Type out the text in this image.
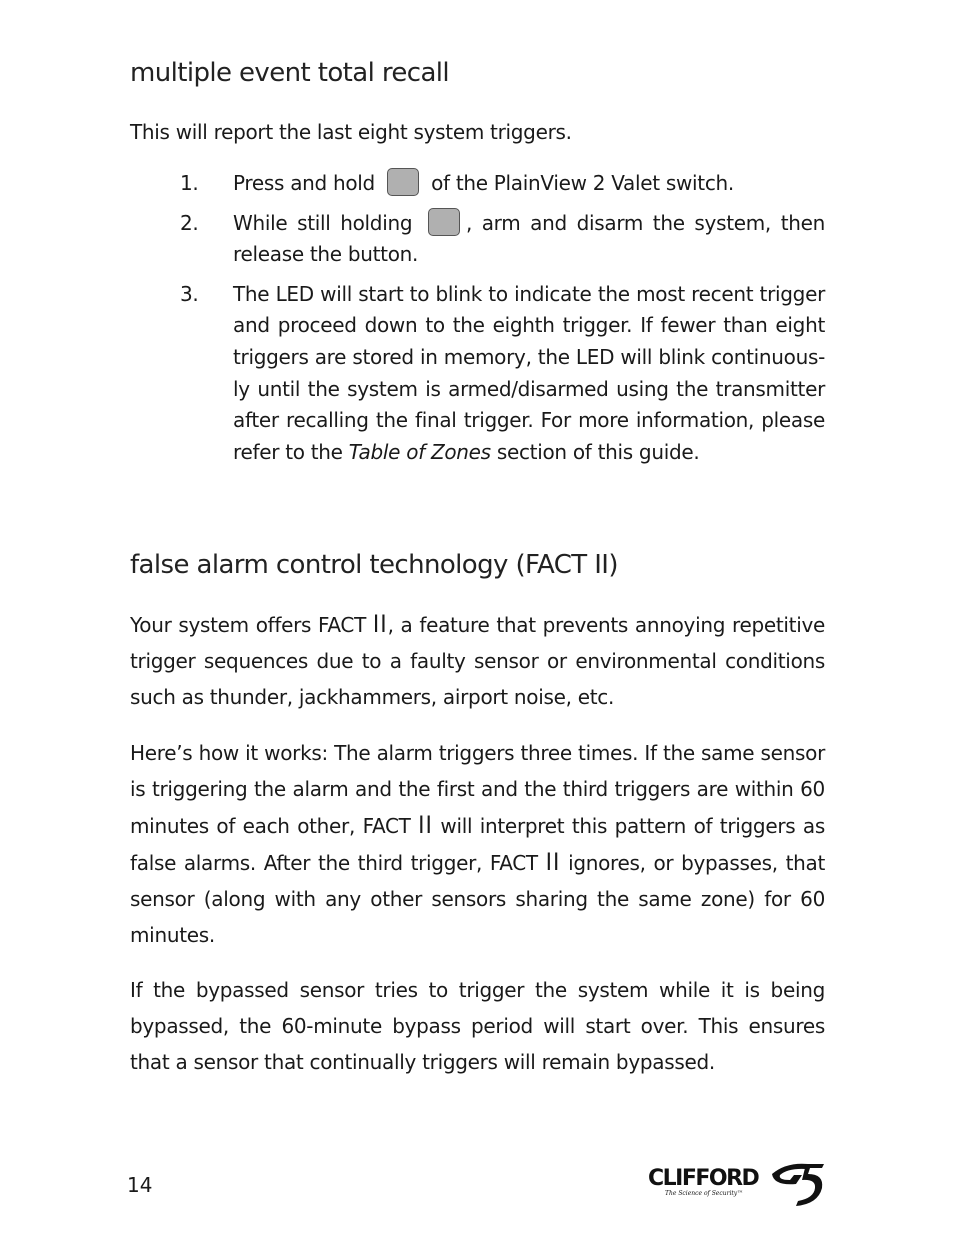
multiple event total recall

This will report the last eight system triggers.

1.	Press and hold	of the PlainView 2 Valet switch.
2.	While still holding	, arm and disarm the system, then release the button.
3.	The LED will start to blink to indicate the most recent trigger and proceed down to the eighth trigger. If fewer than eight triggers are stored in memory, the LED will blink continuous- ly until the system is armed/disarmed using the transmitter after recalling the final trigger. For more information, please refer to the Table of Zones section of this guide.
false alarm control technology (FACT II)

Your system offers FACT II, a feature that prevents annoying repetitive trigger sequences due to a faulty sensor or environmental conditions such as thunder, jackhammers, airport noise, etc.

Here’s how it works: The alarm triggers three times. If the same sensor is triggering the alarm and the first and the third triggers are within 60 minutes of each other, FACT II will interpret this pattern of triggers as false alarms. After the third trigger, FACT II ignores, or bypasses, that sensor (along with any other sensors sharing the same zone) for 60 minutes.

If the bypassed sensor tries to trigger the system while it is being bypassed, the 60-minute bypass period will start over. This ensures that a sensor that continually triggers will remain bypassed.

14	CLIFFORD
The Science of Security™
